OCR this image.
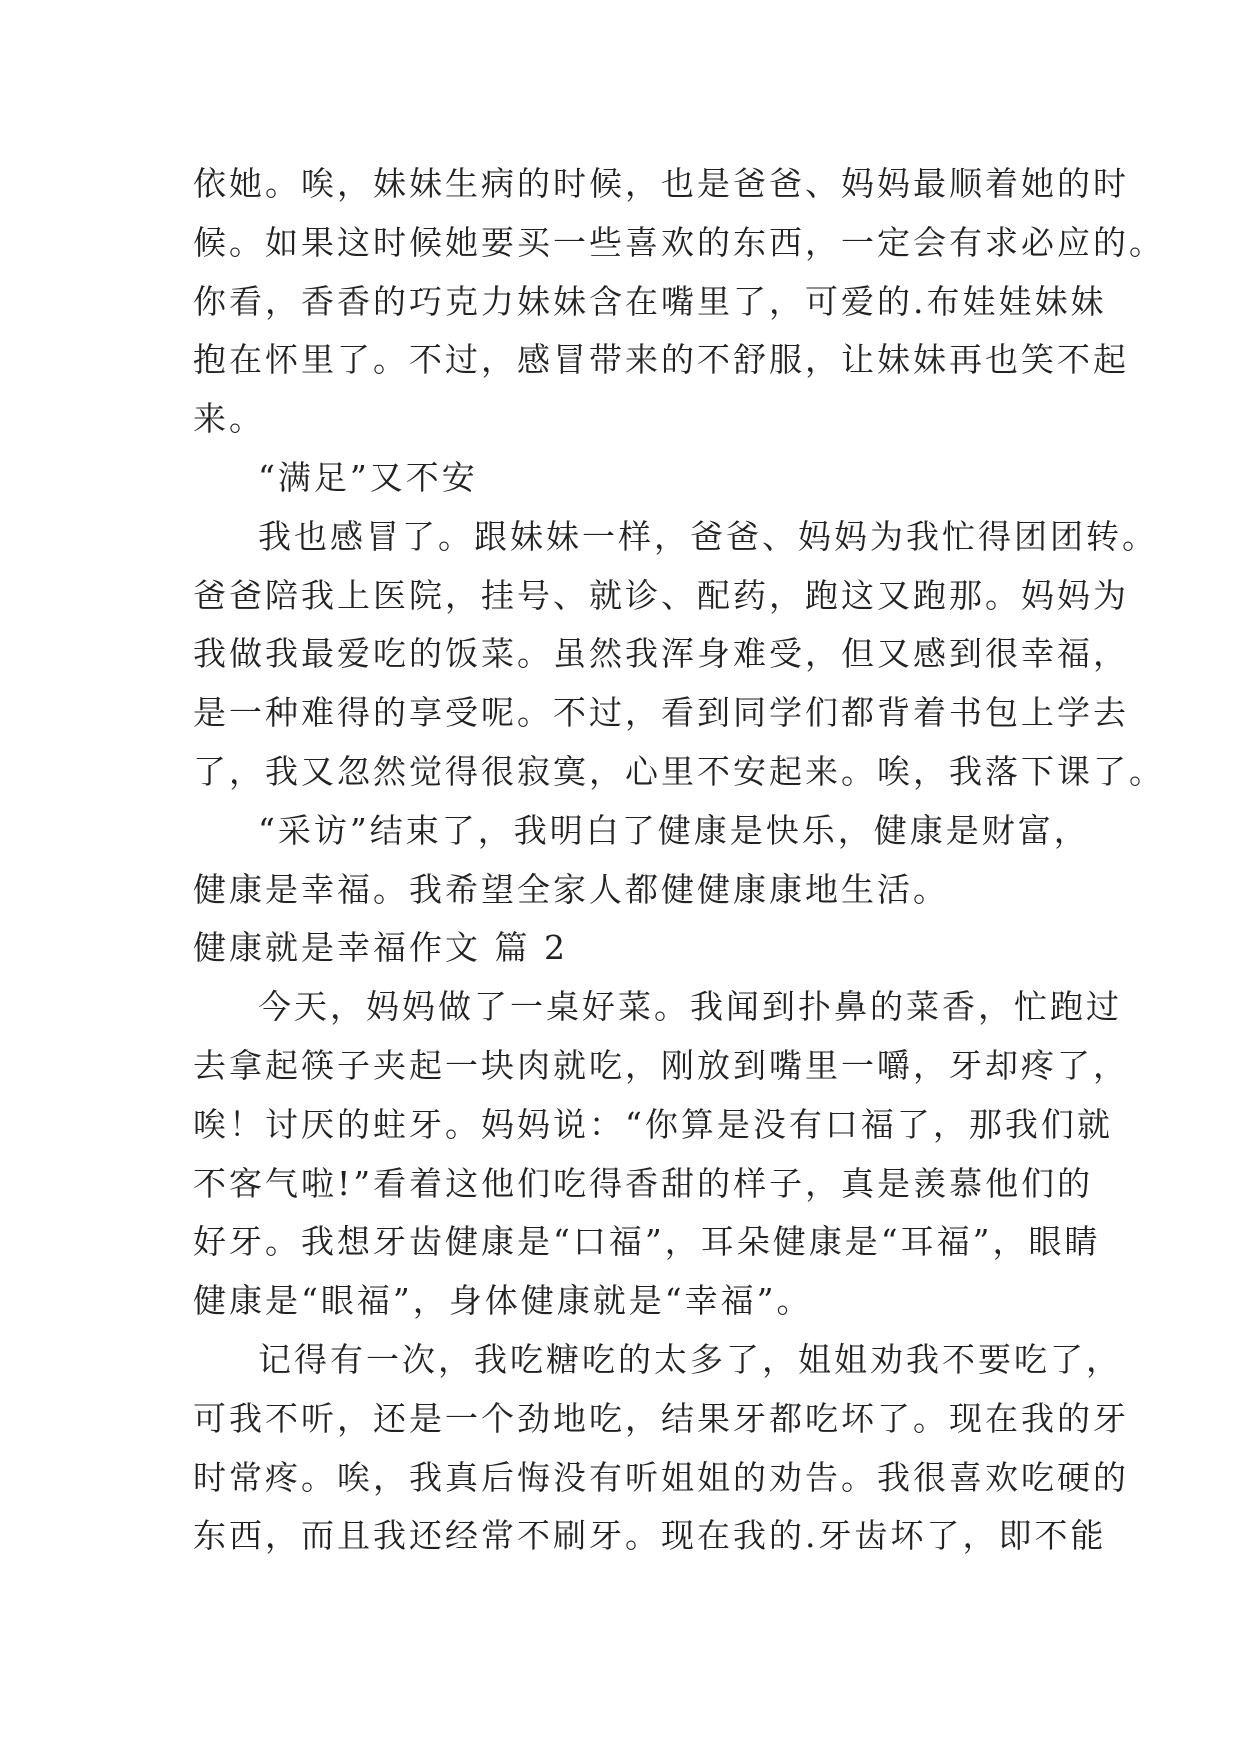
依她。唉，妹妹生病的时候，也是爸爸、妈妈最顺着她的时
候。如果这时候她要买一些喜欢的东西，一定会有求必应的。
你看，香香的巧克力妹妹含在嘴里了，可爱的.布娃娃妹妹
抱在怀里了。不过，感冒带来的不舒服，让妹妹再也笑不起
来。
“满足”又不安
我也感冒了。跟妹妹一样，爸爸、妈妈为我忙得团团转。
爸爸陪我上医院，挂号、就诊、配药，跑这又跑那。妈妈为
我做我最爱吃的饭菜。虽然我浑身难受，但又感到很幸福，
是一种难得的享受呢。不过，看到同学们都背着书包上学去
了，我又忽然觉得很寂寞，心里不安起来。唉，我落下课了。
“采访”结束了，我明白了健康是快乐，健康是财富，
健康是幸福。我希望全家人都健健康康地生活。
健康就是幸福作文 篇 2
今天，妈妈做了一桌好菜。我闻到扑鼻的菜香，忙跑过
去拿起筷子夹起一块肉就吃，刚放到嘴里一嚼，牙却疼了，
唉！讨厌的蛀牙。妈妈说：“你算是没有口福了，那我们就
不客气啦!”看着这他们吃得香甜的样子，真是羡慕他们的
好牙。我想牙齿健康是“口福”，耳朵健康是“耳福”，眼睛
健康是“眼福”，身体健康就是“幸福”。
记得有一次，我吃糖吃的太多了，姐姐劝我不要吃了，
可我不听，还是一个劲地吃，结果牙都吃坏了。现在我的牙
时常疼。唉，我真后悔没有听姐姐的劝告。我很喜欢吃硬的
东西，而且我还经常不刷牙。现在我的.牙齿坏了，即不能
